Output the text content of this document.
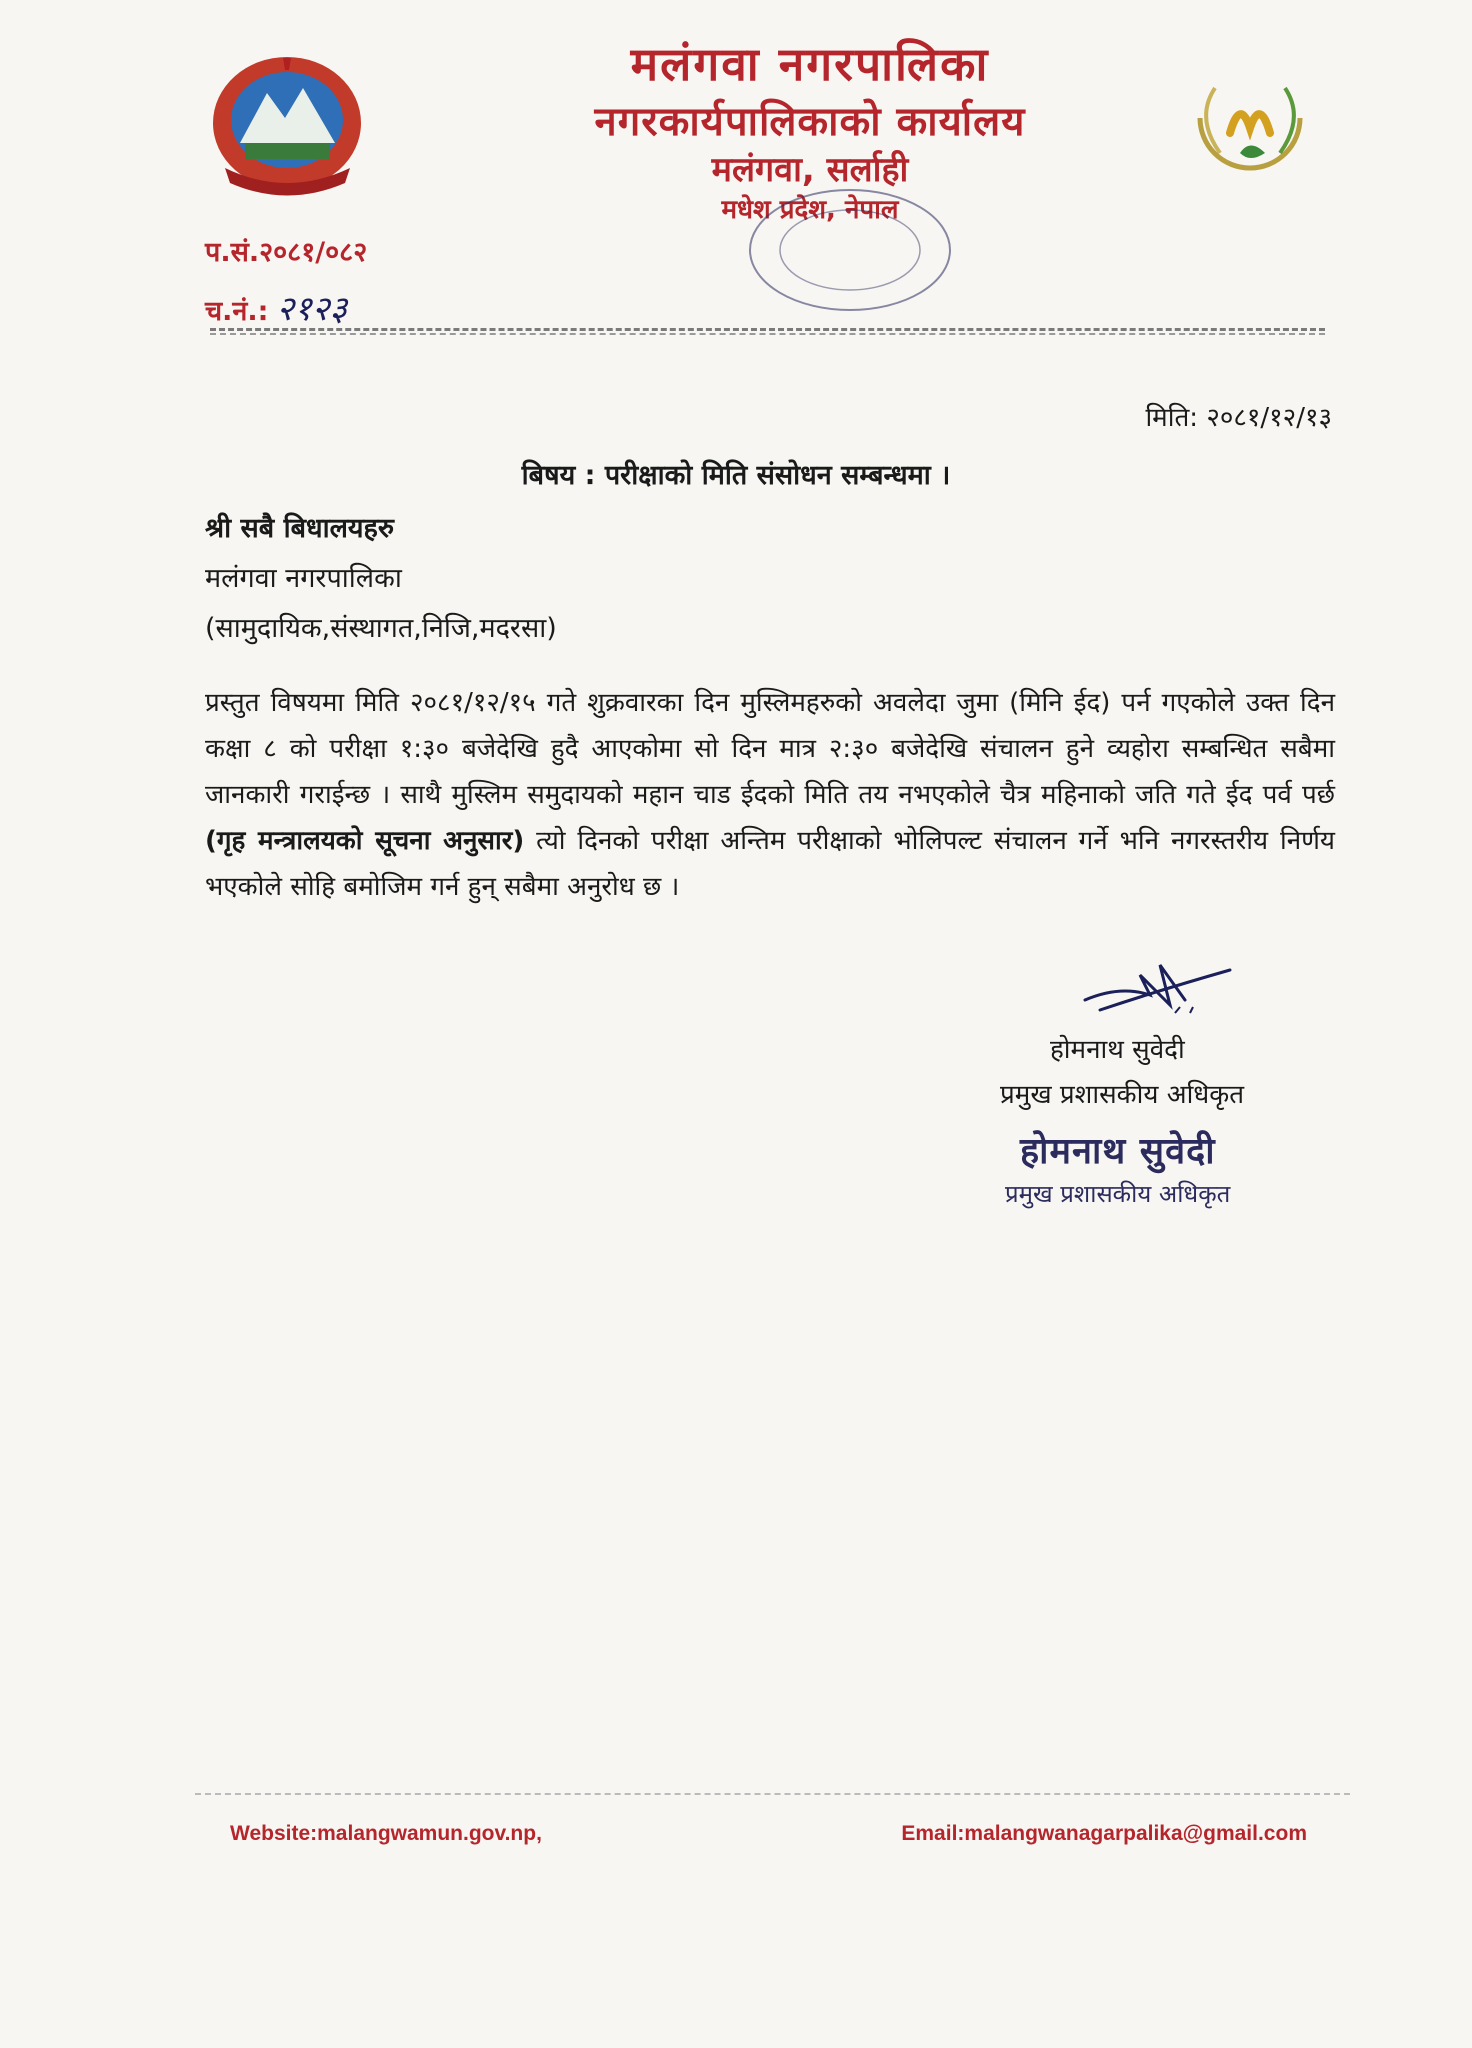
मलंगवा नगरपालिका
नगरकार्यपालिकाको कार्यालय
मलंगवा, सर्लाही
मधेश प्रदेश, नेपाल
प.सं.२०८१/०८२
च.नं.: २१२३
मिति: २०८१/१२/१३
बिषय : परीक्षाको मिति संसोधन सम्बन्धमा ।
श्री सबै बिधालयहरु
मलंगवा नगरपालिका
(सामुदायिक,संस्थागत,निजि,मदरसा)
प्रस्तुत विषयमा मिति २०८१/१२/१५ गते शुक्रवारका दिन मुस्लिमहरुको अवलेदा जुमा (मिनि ईद) पर्न गएकोले उक्त दिन कक्षा ८ को परीक्षा १:३० बजेदेखि हुदै आएकोमा सो दिन मात्र २:३० बजेदेखि संचालन हुने व्यहोरा सम्बन्धित सबैमा जानकारी गराईन्छ । साथै मुस्लिम समुदायको महान चाड ईदको मिति तय नभएकोले चैत्र महिनाको जति गते ईद पर्व पर्छ (गृह मन्त्रालयको सूचना अनुसार) त्यो दिनको परीक्षा अन्तिम परीक्षाको भोलिपल्ट संचालन गर्ने भनि नगरस्तरीय निर्णय भएकोले सोहि बमोजिम गर्न हुन् सबैमा अनुरोध छ ।
होमनाथ सुवेदी
प्रमुख प्रशासकीय अधिकृत
होमनाथ सुवेदी
प्रमुख प्रशासकीय अधिकृत
Website:malangwamun.gov.np,	Email:malangwanagarpalika@gmail.com
